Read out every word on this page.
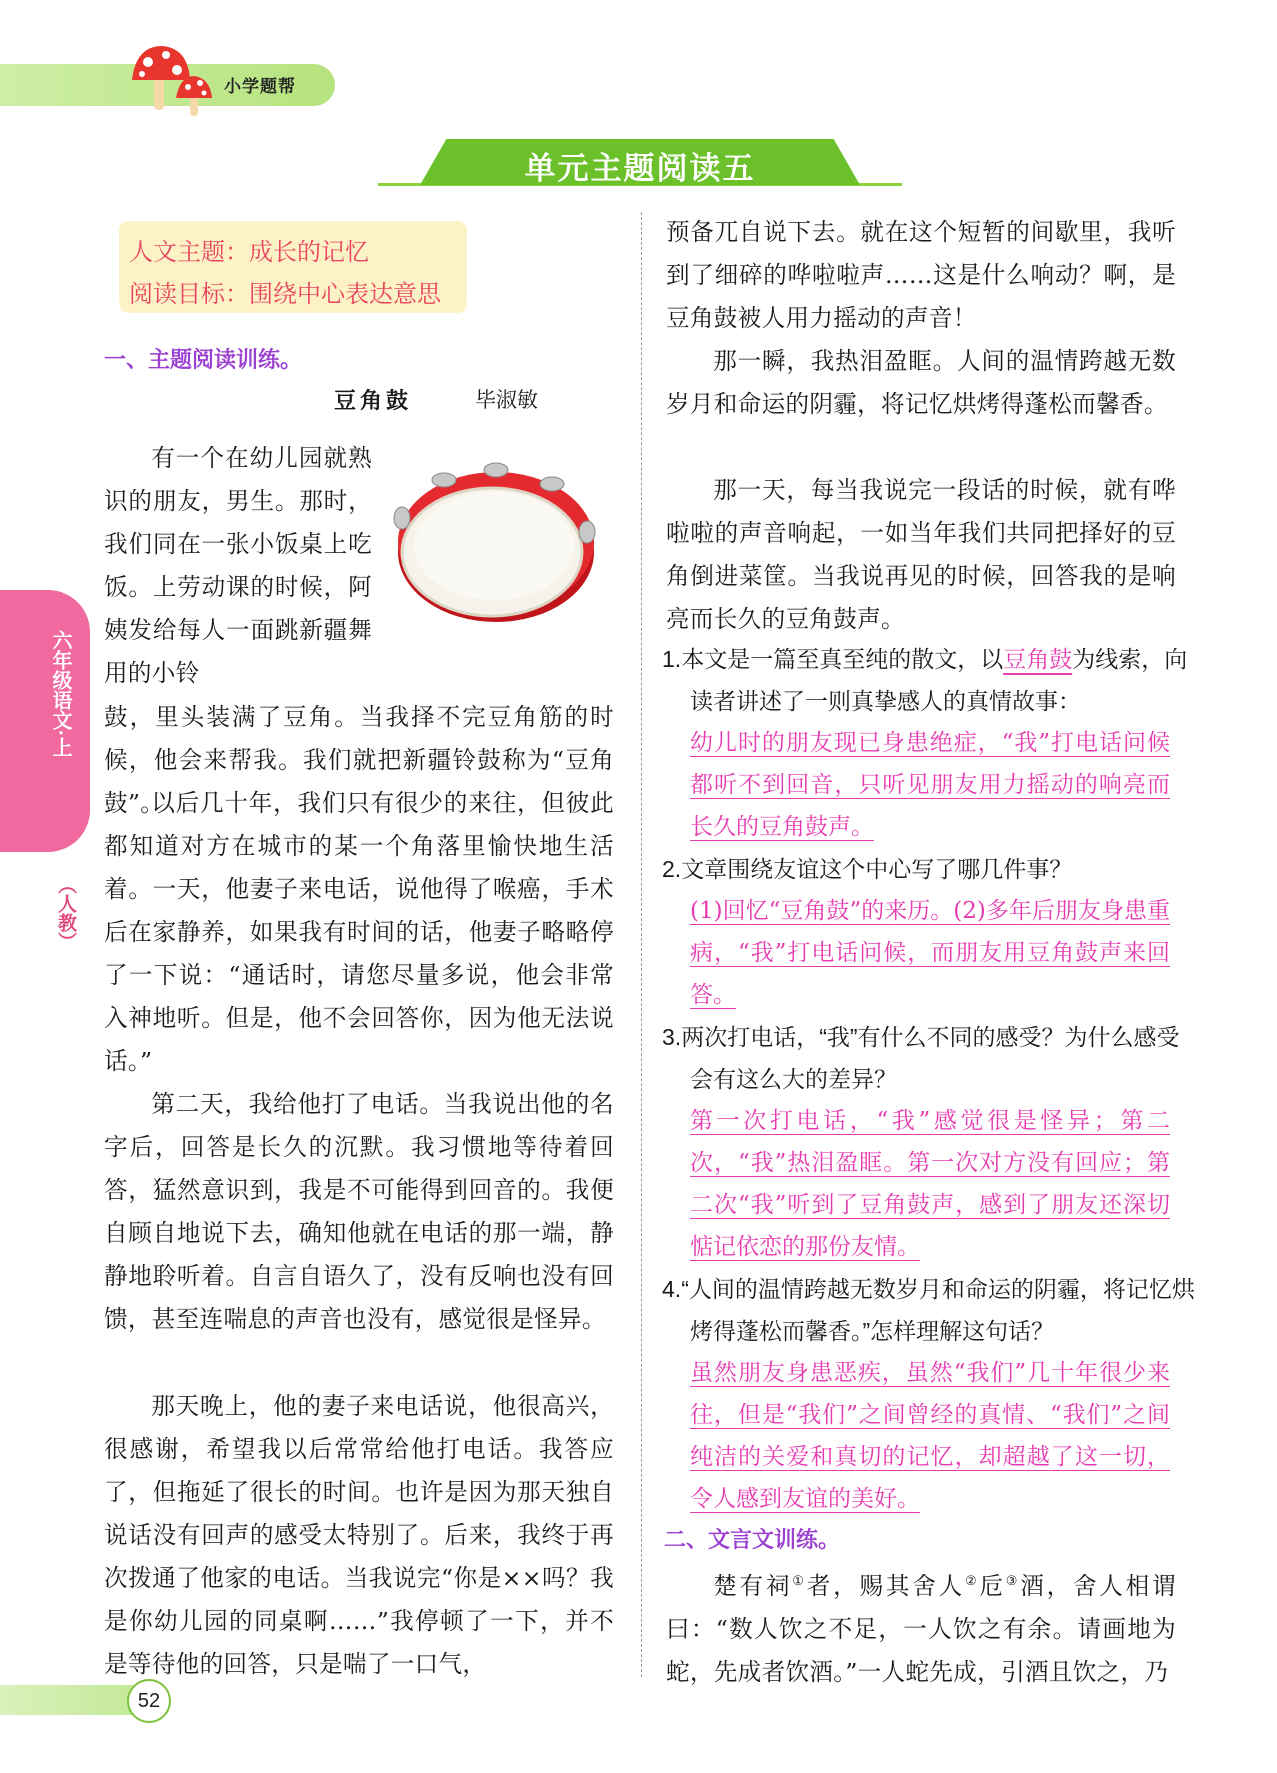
小学题帮
单元主题阅读五
六年级语文·上
（人教）
人文主题：成长的记忆
阅读目标：围绕中心表达意思
一、主题阅读训练。
豆角鼓	毕淑敏

有一个在幼儿园就熟识的朋友，男生。那时，我们同在一张小饭桌上吃饭。上劳动课的时候，阿姨发给每人一面跳新疆舞用的小铃

鼓，里头装满了豆角。当我择不完豆角筋的时候，他会来帮我。我们就把新疆铃鼓称为“豆角鼓”。

以后几十年，我们只有很少的来往，但彼此都知道对方在城市的某一个角落里愉快地生活着。一天，他妻子来电话，说他得了喉癌，手术后在家静养，如果我有时间的话，他妻子略略停了一下说：“通话时，请您尽量多说，他会非常入神地听。但是，他不会回答你，因为他无法说话。”

第二天，我给他打了电话。当我说出他的名字后，回答是长久的沉默。我习惯地等待着回答，猛然意识到，我是不可能得到回音的。我便自顾自地说下去，确知他就在电话的那一端，静静地聆听着。自言自语久了，没有反响也没有回馈，甚至连喘息的声音也没有，感觉很是怪异。

那天晚上，他的妻子来电话说，他很高兴，很感谢，希望我以后常常给他打电话。我答应了，但拖延了很长的时间。也许是因为那天独自说话没有回声的感受太特别了。后来，我终于再次拨通了他家的电话。当我说完“你是××吗？我是你幼儿园的同桌啊……”我停顿了一下，并不是等待他的回答，只是喘了一口气，

预备兀自说下去。就在这个短暂的间歇里，我听到了细碎的哗啦啦声……这是什么响动？啊，是豆角鼓被人用力摇动的声音！

那一瞬，我热泪盈眶。人间的温情跨越无数岁月和命运的阴霾，将记忆烘烤得蓬松而馨香。

那一天，每当我说完一段话的时候，就有哗啦啦的声音响起，一如当年我们共同把择好的豆角倒进菜筐。当我说再见的时候，回答我的是响亮而长久的豆角鼓声。

1.本文是一篇至真至纯的散文，以豆角鼓为线索，向读者讲述了一则真挚感人的真情故事：

幼儿时的朋友现已身患绝症，“我”打电话问候都听不到回音，只听见朋友用力摇动的响亮而长久的豆角鼓声。

2.文章围绕友谊这个中心写了哪几件事？

(1)回忆“豆角鼓”的来历。(2)多年后朋友身患重病，“我”打电话问候，而朋友用豆角鼓声来回答。

3.两次打电话，“我”有什么不同的感受？为什么感受会有这么大的差异？

第一次打电话，“我”感觉很是怪异；第二次，“我”热泪盈眶。第一次对方没有回应；第二次“我”听到了豆角鼓声，感到了朋友还深切惦记依恋的那份友情。

4.“人间的温情跨越无数岁月和命运的阴霾，将记忆烘烤得蓬松而馨香。”怎样理解这句话？

虽然朋友身患恶疾，虽然“我们”几十年很少来往，但是“我们”之间曾经的真情、“我们”之间纯洁的关爱和真切的记忆，却超越了这一切，令人感到友谊的美好。

二、文言文训练。

楚有祠①者，赐其舍人②卮③酒，舍人相谓曰：“数人饮之不足，一人饮之有余。请画地为蛇，先成者饮酒。”一人蛇先成，引酒且饮之，乃

52
